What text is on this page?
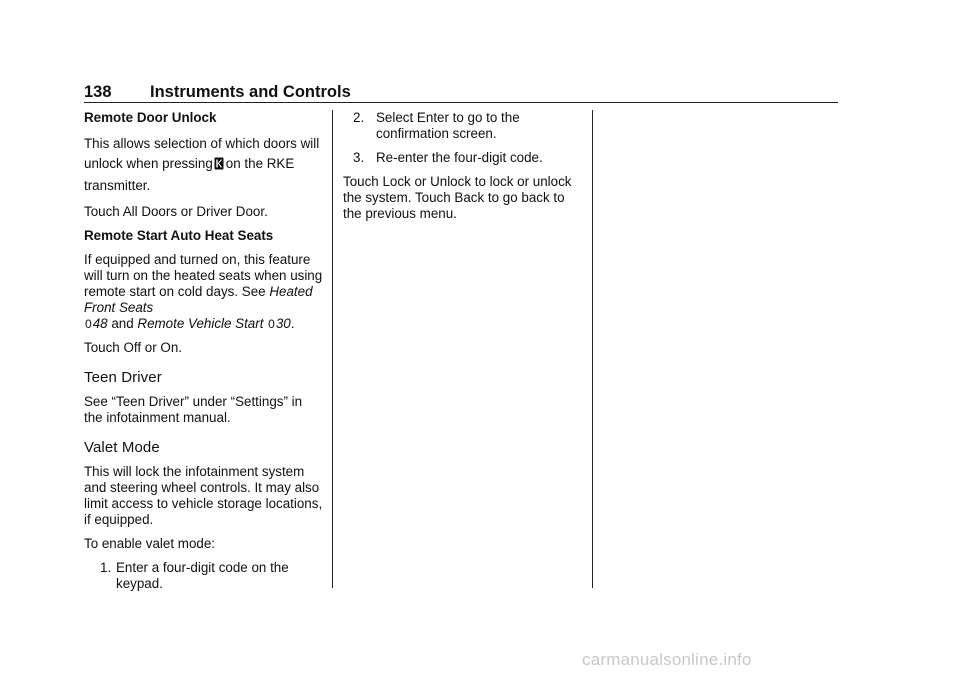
138 Instruments and Controls

Remote Door Unlock

This allows selection of which doors will unlock when pressing on the RKE transmitter.

Touch All Doors or Driver Door.

Remote Start Auto Heat Seats

If equipped and turned on, this feature will turn on the heated seats when using remote start on cold days. See Heated Front Seats
048 and Remote Vehicle Start 030.

Touch Off or On.

Teen Driver

See “Teen Driver” under “Settings” in the infotainment manual.

Valet Mode

This will lock the infotainment system and steering wheel controls. It may also limit access to vehicle storage locations, if equipped.

To enable valet mode:

1. Enter a four-digit code on the keypad.
2. Select Enter to go to the confirmation screen.
3. Re-enter the four-digit code.

Touch Lock or Unlock to lock or unlock the system. Touch Back to go back to the previous menu.

carmanualsonline.info
